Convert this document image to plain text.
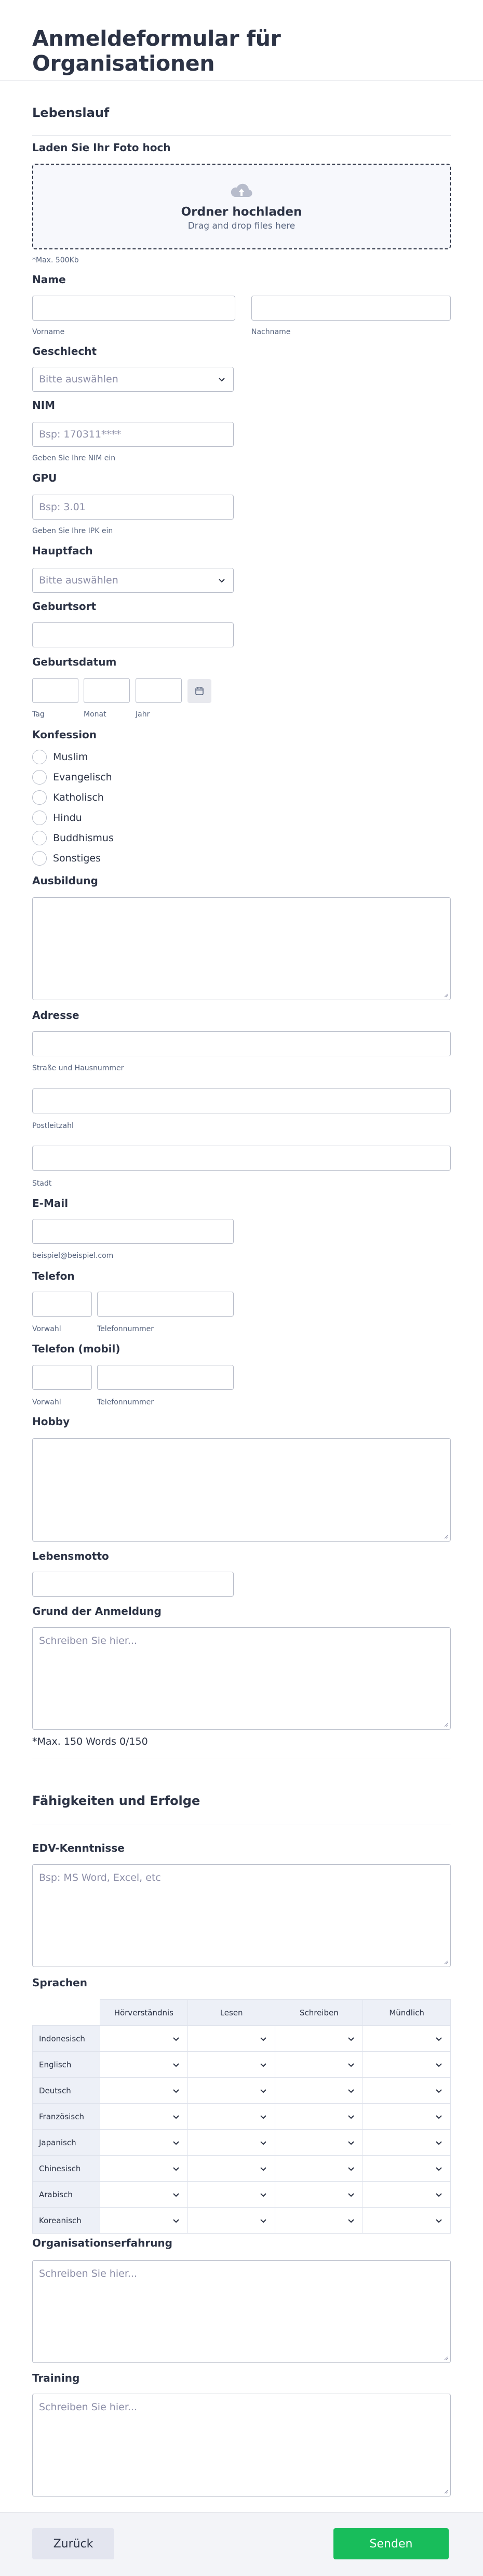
Anmeldeformular für Organisationen
Lebenslauf
Laden Sie Ihr Foto hoch
Ordner hochladen
Drag and drop files here
*Max. 500Kb
Name
Vorname	Nachname
Geschlecht
Bitte auswählen
NIM
Bsp: 170311****
Geben Sie Ihre NIM ein
GPU
Bsp: 3.01
Geben Sie Ihre IPK ein
Hauptfach
Bitte auswählen
Geburtsort
Geburtsdatum
Tag	Monat	Jahr
Konfession
Muslim
Evangelisch
Katholisch
Hindu
Buddhismus
Sonstiges
Ausbildung
Adresse
Straße und Hausnummer
Postleitzahl
Stadt
E-Mail
beispiel@beispiel.com
Telefon
Vorwahl	Telefonnummer
Telefon (mobil)
Vorwahl	Telefonnummer
Hobby
Lebensmotto
Grund der Anmeldung
Schreiben Sie hier...
*Max. 150 Words 0/150
Fähigkeiten und Erfolge
EDV-Kenntnisse
Bsp: MS Word, Excel, etc
Sprachen
	Hörverständnis	Lesen	Schreiben	Mündlich
Indonesisch	

Englisch	

Deutsch	

Französisch	

Japanisch	

Chinesisch	

Arabisch	

Koreanisch	

Organisationserfahrung
Schreiben Sie hier...
Training
Schreiben Sie hier...
Zurück	Senden
